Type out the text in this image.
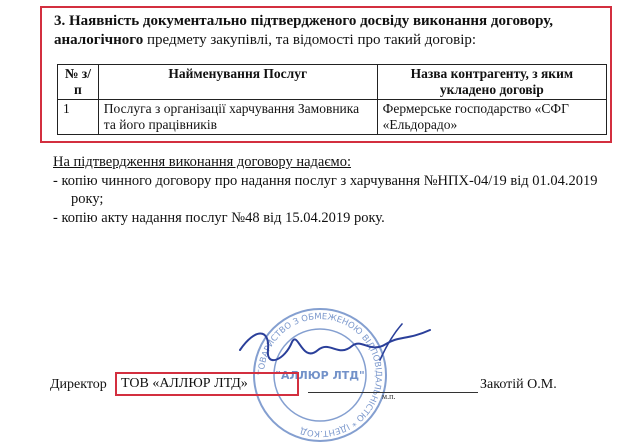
3. Наявність документально підтвердженого досвіду виконання договору,
аналогічного предмету закупівлі, та відомості про такий договір:
№ з/п	Найменування Послуг	Назва контрагенту, з яким укладено договір
1	Послуга з організації харчування Замовника та його працівників	Фермерське господарство «СФГ «Ельдорадо»
На підтвердження виконання договору надаємо:
- копію чинного договору про надання послуг з харчування №НПХ-04/19 від 01.04.2019
року;
- копію акту надання послуг №48 від 15.04.2019 року.
ТОВАРИСТВО З ОБМЕЖЕНОЮ ВІДПОВІДАЛ НІСТЮ * ІДЕНТ.КОД
"АЛЛЮР ЛТД"
Директор	ТОВ «АЛЛЮР ЛТД»
м.п.
Закотій О.М.
